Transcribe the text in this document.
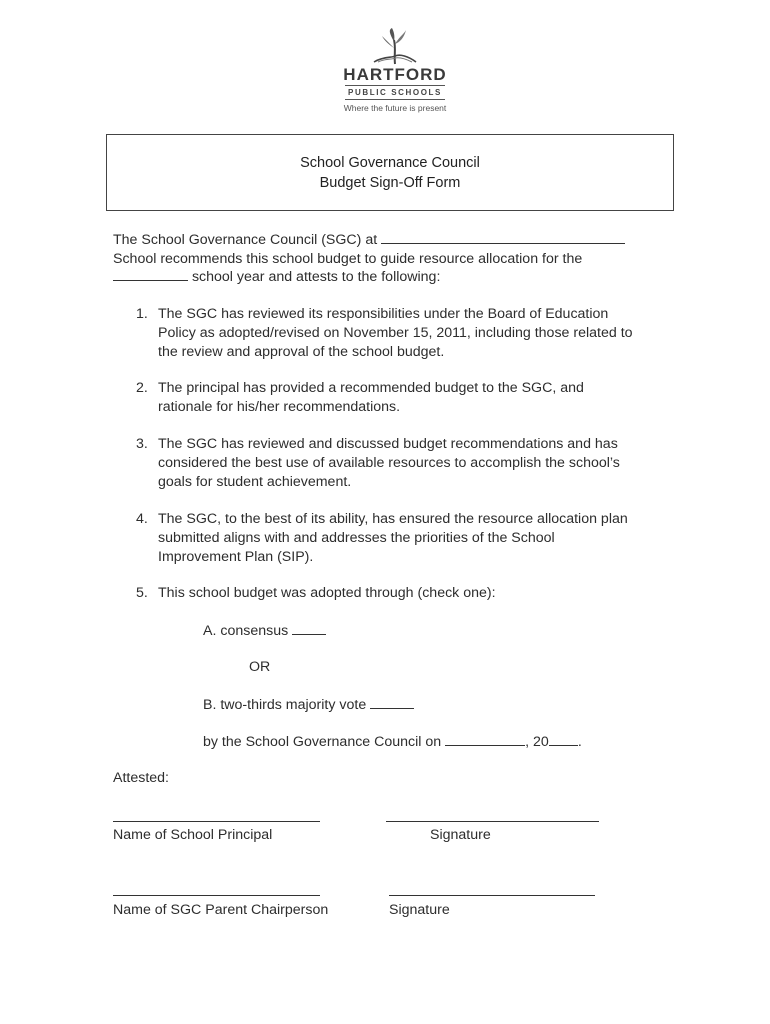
HARTFORD
PUBLIC SCHOOLS
Where the future is present
School Governance Council
Budget Sign-Off Form
The School Governance Council (SGC) at
School recommends this school budget to guide resource allocation for the
school year and attests to the following:
1. The SGC has reviewed its responsibilities under the Board of Education
Policy as adopted/revised on November 15, 2011, including those related to
the review and approval of the school budget.
2. The principal has provided a recommended budget to the SGC, and
rationale for his/her recommendations.
3. The SGC has reviewed and discussed budget recommendations and has
considered the best use of available resources to accomplish the school’s
goals for student achievement.
4. The SGC, to the best of its ability, has ensured the resource allocation plan
submitted aligns with and addresses the priorities of the School
Improvement Plan (SIP).
5. This school budget was adopted through (check one):
A. consensus
OR
B. two-thirds majority vote
by the School Governance Council on	, 20 .
Attested:
Name of School Principal	Signature
Name of SGC Parent Chairperson	Signature
